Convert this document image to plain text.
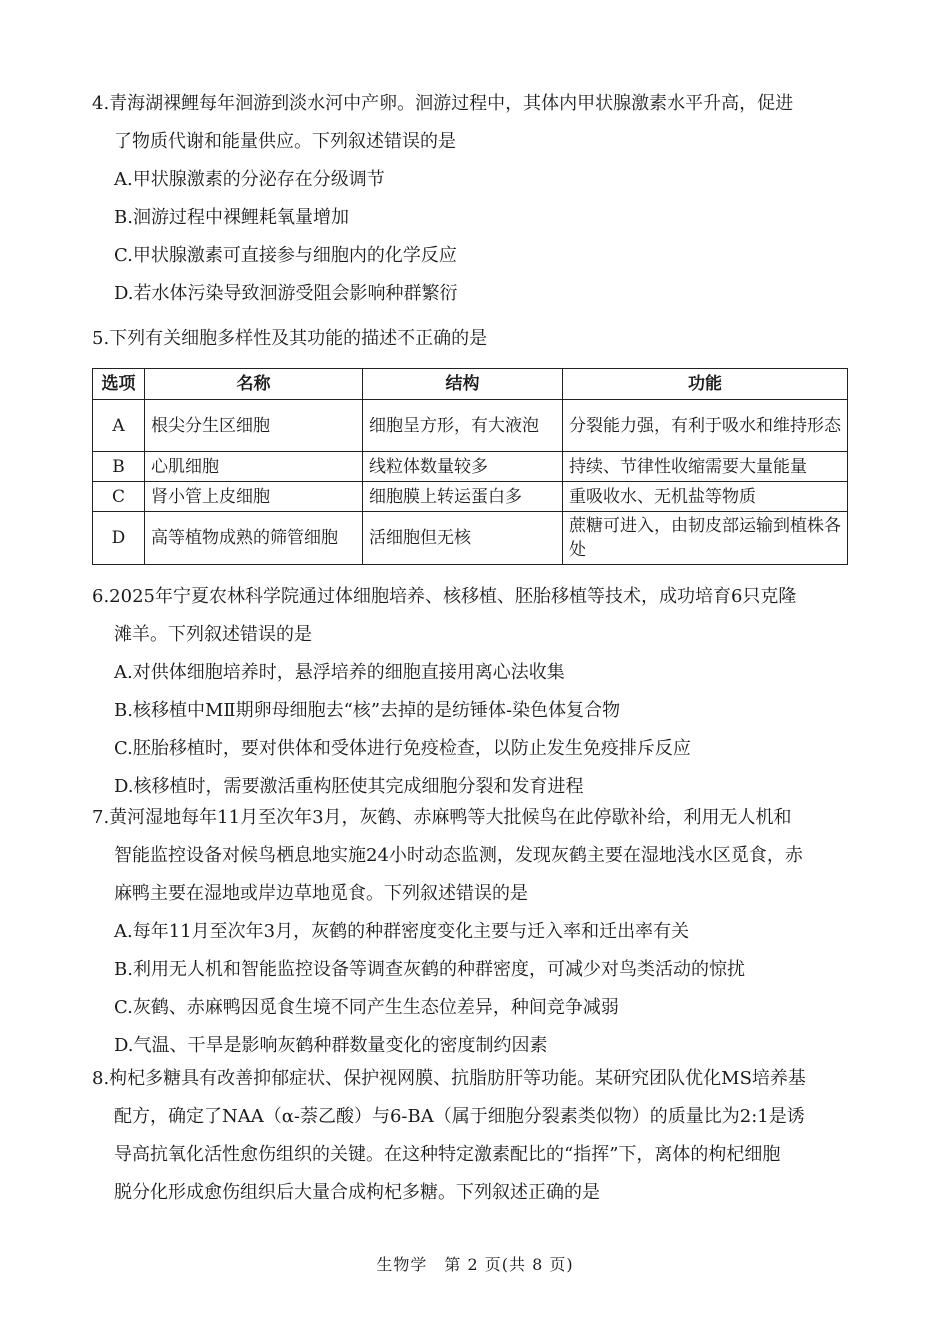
4.青海湖裸鲤每年洄游到淡水河中产卵。洄游过程中，其体内甲状腺激素水平升高，促进
了物质代谢和能量供应。下列叙述错误的是

A.甲状腺激素的分泌存在分级调节

B.洄游过程中裸鲤耗氧量增加

C.甲状腺激素可直接参与细胞内的化学反应

D.若水体污染导致洄游受阻会影响种群繁衍

5.下列有关细胞多样性及其功能的描述不正确的是

选项	名称	结构	功能
A	根尖分生区细胞	细胞呈方形，有大液泡	分裂能力强，有利于吸水和维持形态
B	心肌细胞	线粒体数量较多	持续、节律性收缩需要大量能量
C	肾小管上皮细胞	细胞膜上转运蛋白多	重吸收水、无机盐等物质
D	高等植物成熟的筛管细胞	活细胞但无核	蔗糖可进入，由韧皮部运输到植株各处

6.2025年宁夏农林科学院通过体细胞培养、核移植、胚胎移植等技术，成功培育6只克隆
滩羊。下列叙述错误的是

A.对供体细胞培养时，悬浮培养的细胞直接用离心法收集

B.核移植中MⅡ期卵母细胞去“核”去掉的是纺锤体-染色体复合物

C.胚胎移植时，要对供体和受体进行免疫检查，以防止发生免疫排斥反应

D.核移植时，需要激活重构胚使其完成细胞分裂和发育进程

7.黄河湿地每年11月至次年3月，灰鹤、赤麻鸭等大批候鸟在此停歇补给，利用无人机和
智能监控设备对候鸟栖息地实施24小时动态监测，发现灰鹤主要在湿地浅水区觅食，赤
麻鸭主要在湿地或岸边草地觅食。下列叙述错误的是

A.每年11月至次年3月，灰鹤的种群密度变化主要与迁入率和迁出率有关

B.利用无人机和智能监控设备等调查灰鹤的种群密度，可减少对鸟类活动的惊扰

C.灰鹤、赤麻鸭因觅食生境不同产生生态位差异，种间竞争减弱

D.气温、干旱是影响灰鹤种群数量变化的密度制约因素

8.枸杞多糖具有改善抑郁症状、保护视网膜、抗脂肪肝等功能。某研究团队优化MS培养基
配方，确定了NAA（α-萘乙酸）与6-BA（属于细胞分裂素类似物）的质量比为2:1是诱
导高抗氧化活性愈伤组织的关键。在这种特定激素配比的“指挥”下，离体的枸杞细胞
脱分化形成愈伤组织后大量合成枸杞多糖。下列叙述正确的是

生物学　第 2 页(共 8 页)
